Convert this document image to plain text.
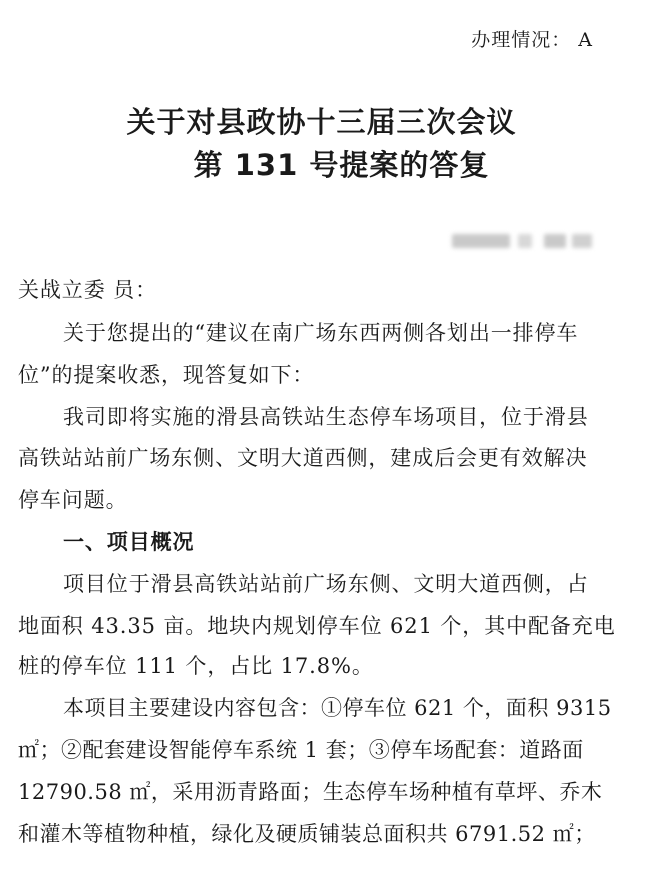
办理情况： A
关于对县政协十三届三次会议
第 131 号提案的答复
关战立委 员：
关于您提出的“建议在南广场东西两侧各划出一排停车
位”的提案收悉，现答复如下：
我司即将实施的滑县高铁站生态停车场项目，位于滑县
高铁站站前广场东侧、文明大道西侧，建成后会更有效解决
停车问题。
一、项目概况
项目位于滑县高铁站站前广场东侧、文明大道西侧，占
地面积 43.35 亩。地块内规划停车位 621 个，其中配备充电
桩的停车位 111 个，占比 17.8%。
本项目主要建设内容包含：①停车位 621 个，面积 9315
㎡；②配套建设智能停车系统 1 套；③停车场配套：道路面
12790.58 ㎡，采用沥青路面；生态停车场种植有草坪、乔木
和灌木等植物种植，绿化及硬质铺装总面积共 6791.52 ㎡；
